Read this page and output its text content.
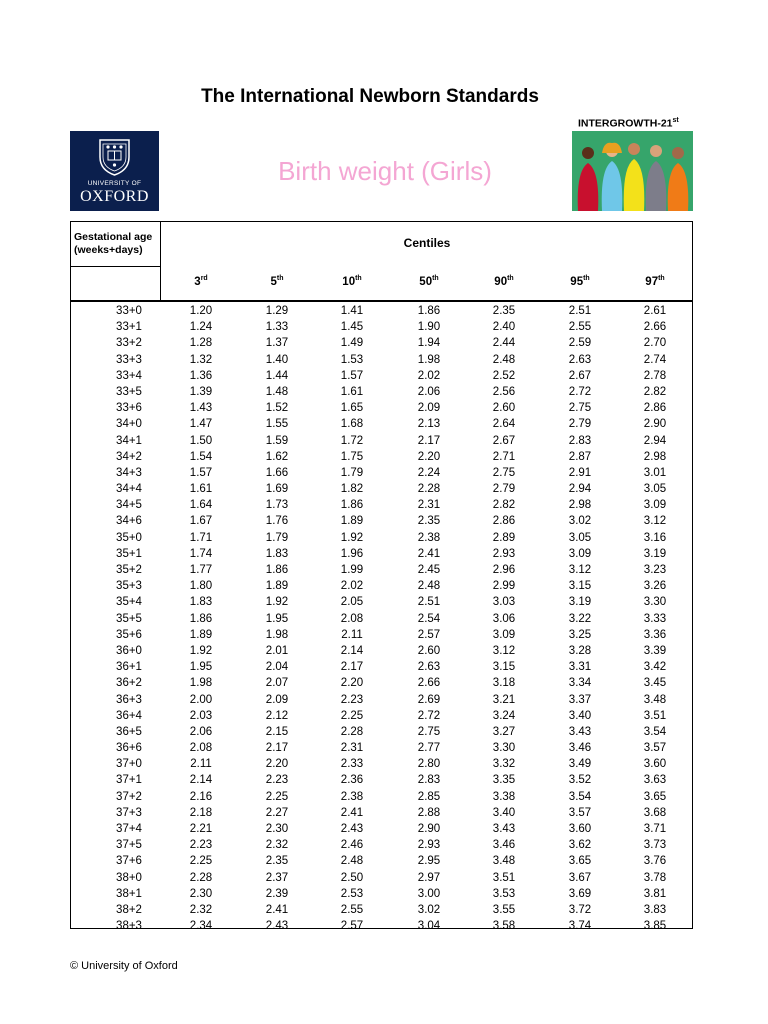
The International Newborn Standards
UNIVERSITY OF
OXFORD
INTERGROWTH-21st
Birth weight (Girls)
Gestational age
(weeks+days)	Centiles
3rd	5th	10th	50th	90th	95th	97th
33+0	1.20	1.29	1.41	1.86	2.35	2.51	2.61
33+1	1.24	1.33	1.45	1.90	2.40	2.55	2.66
33+2	1.28	1.37	1.49	1.94	2.44	2.59	2.70
33+3	1.32	1.40	1.53	1.98	2.48	2.63	2.74
33+4	1.36	1.44	1.57	2.02	2.52	2.67	2.78
33+5	1.39	1.48	1.61	2.06	2.56	2.72	2.82
33+6	1.43	1.52	1.65	2.09	2.60	2.75	2.86
34+0	1.47	1.55	1.68	2.13	2.64	2.79	2.90
34+1	1.50	1.59	1.72	2.17	2.67	2.83	2.94
34+2	1.54	1.62	1.75	2.20	2.71	2.87	2.98
34+3	1.57	1.66	1.79	2.24	2.75	2.91	3.01
34+4	1.61	1.69	1.82	2.28	2.79	2.94	3.05
34+5	1.64	1.73	1.86	2.31	2.82	2.98	3.09
34+6	1.67	1.76	1.89	2.35	2.86	3.02	3.12
35+0	1.71	1.79	1.92	2.38	2.89	3.05	3.16
35+1	1.74	1.83	1.96	2.41	2.93	3.09	3.19
35+2	1.77	1.86	1.99	2.45	2.96	3.12	3.23
35+3	1.80	1.89	2.02	2.48	2.99	3.15	3.26
35+4	1.83	1.92	2.05	2.51	3.03	3.19	3.30
35+5	1.86	1.95	2.08	2.54	3.06	3.22	3.33
35+6	1.89	1.98	2.11	2.57	3.09	3.25	3.36
36+0	1.92	2.01	2.14	2.60	3.12	3.28	3.39
36+1	1.95	2.04	2.17	2.63	3.15	3.31	3.42
36+2	1.98	2.07	2.20	2.66	3.18	3.34	3.45
36+3	2.00	2.09	2.23	2.69	3.21	3.37	3.48
36+4	2.03	2.12	2.25	2.72	3.24	3.40	3.51
36+5	2.06	2.15	2.28	2.75	3.27	3.43	3.54
36+6	2.08	2.17	2.31	2.77	3.30	3.46	3.57
37+0	2.11	2.20	2.33	2.80	3.32	3.49	3.60
37+1	2.14	2.23	2.36	2.83	3.35	3.52	3.63
37+2	2.16	2.25	2.38	2.85	3.38	3.54	3.65
37+3	2.18	2.27	2.41	2.88	3.40	3.57	3.68
37+4	2.21	2.30	2.43	2.90	3.43	3.60	3.71
37+5	2.23	2.32	2.46	2.93	3.46	3.62	3.73
37+6	2.25	2.35	2.48	2.95	3.48	3.65	3.76
38+0	2.28	2.37	2.50	2.97	3.51	3.67	3.78
38+1	2.30	2.39	2.53	3.00	3.53	3.69	3.81
38+2	2.32	2.41	2.55	3.02	3.55	3.72	3.83
38+3	2.34	2.43	2.57	3.04	3.58	3.74	3.85
© University of Oxford
